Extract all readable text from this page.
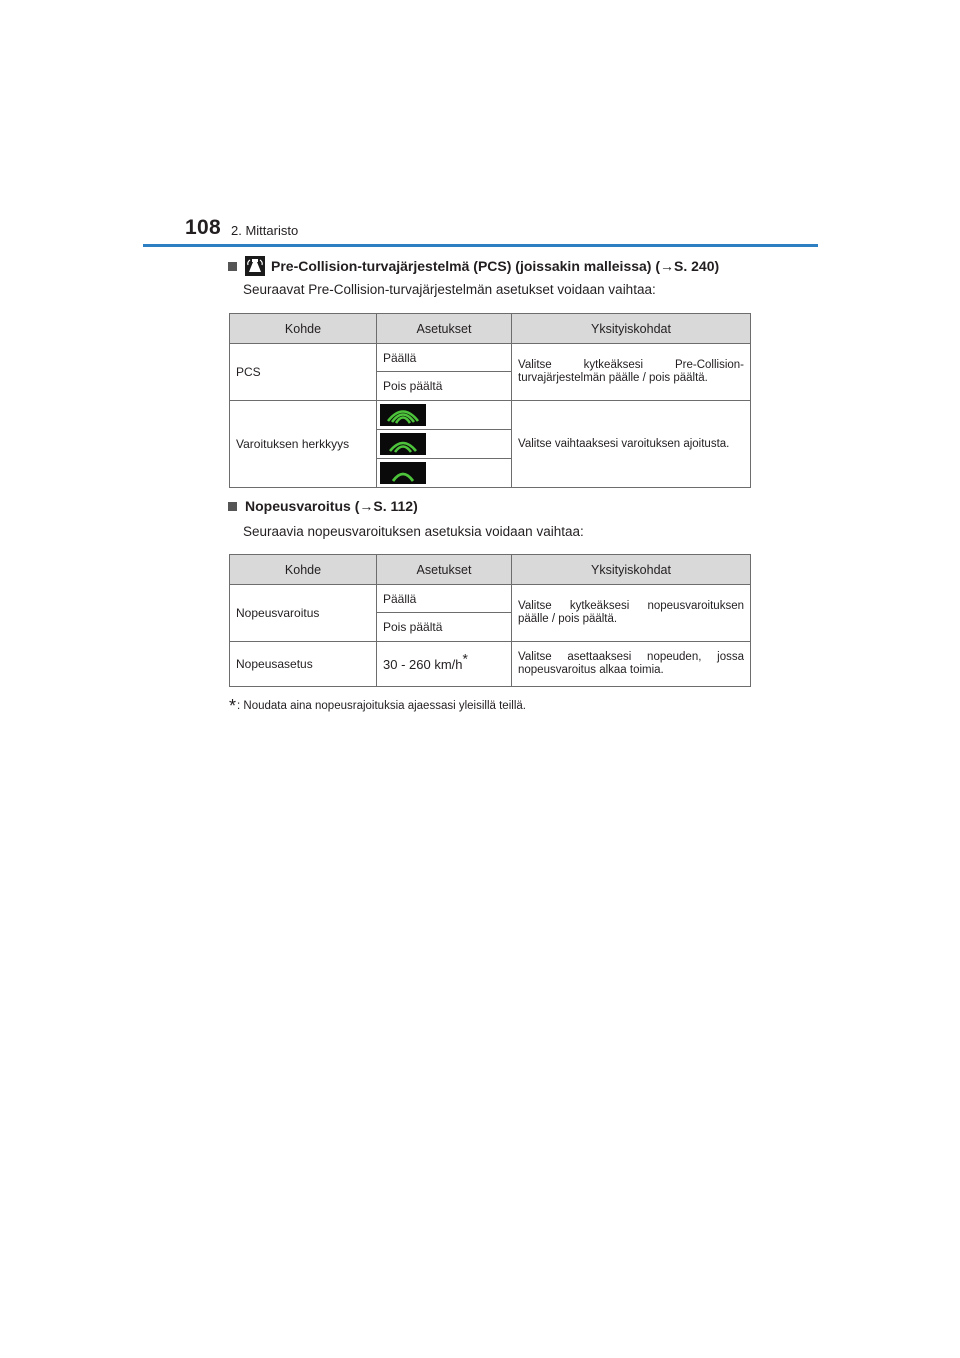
108 2. Mittaristo
Pre-Collision-turvajärjestelmä (PCS) (joissakin malleissa) ( → S. 240)
Seuraavat Pre-Collision-turvajärjestelmän asetukset voidaan vaihtaa:
Kohde	Asetukset	Yksityiskohdat
PCS	Päällä	Valitse kytkeäksesi Pre-Collision-turvajärjestelmän päälle / pois päältä.
	Pois päältä	
Varoituksen herkkyys		Valitse vaihtaaksesi varoituksen ajoitusta.

Nopeusvaroitus ( → S. 112)
Seuraavia nopeusvaroituksen asetuksia voidaan vaihtaa:
Kohde	Asetukset	Yksityiskohdat
Nopeusvaroitus	Päällä	Valitse kytkeäksesi nopeusvaroituksen päälle / pois päältä.
	Pois päältä	
Nopeusasetus	30 - 260 km/h*	Valitse asettaaksesi nopeuden, jossa nopeusvaroitus alkaa toimia.
*: Noudata aina nopeusrajoituksia ajaessasi yleisillä teillä.
